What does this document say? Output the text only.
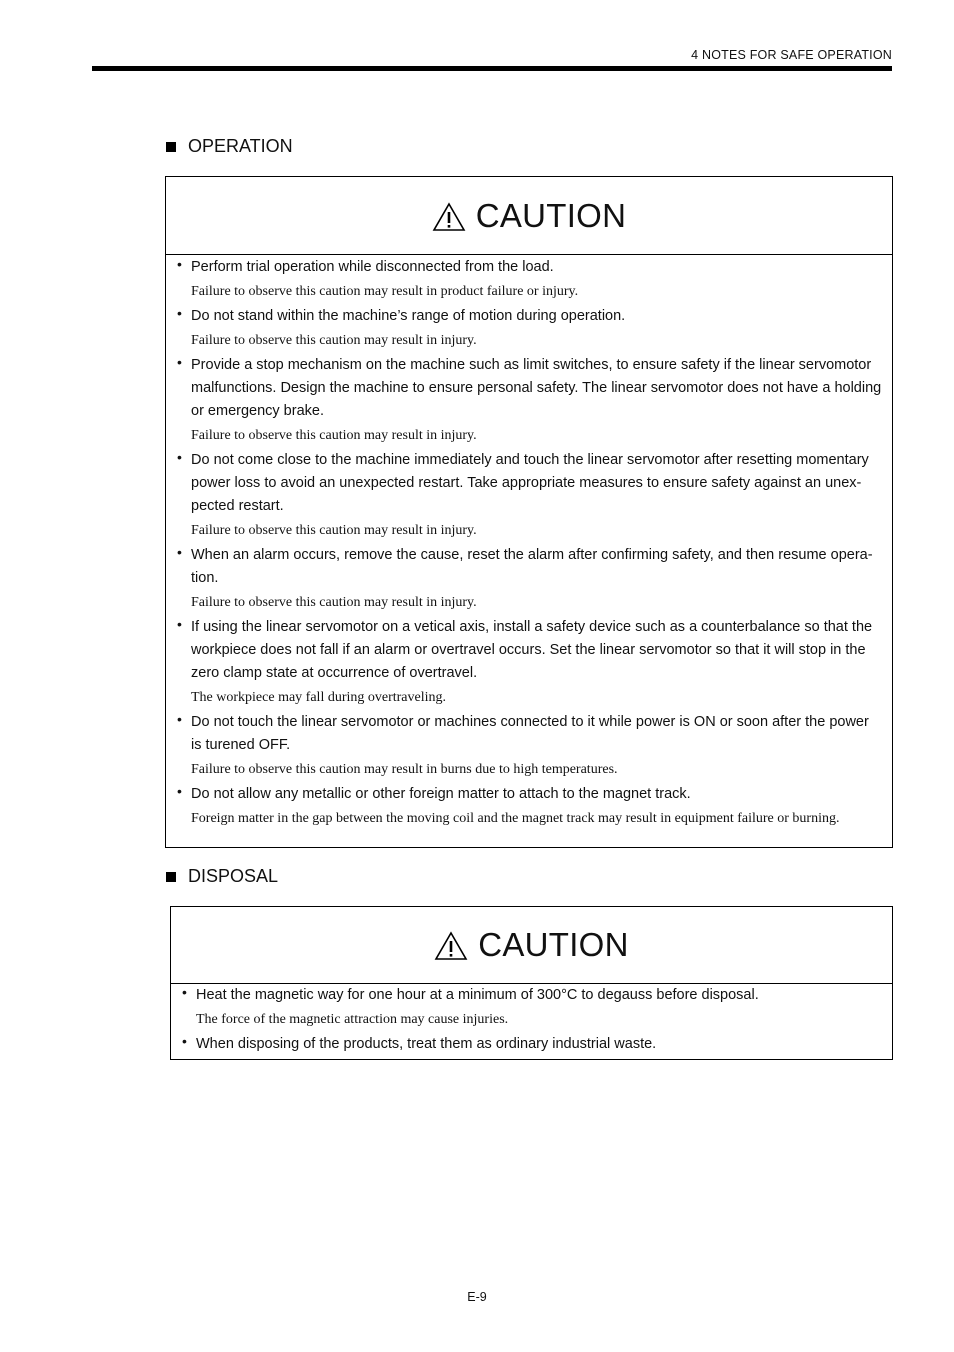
4 NOTES FOR SAFE OPERATION
OPERATION
CAUTION
• Perform trial operation while disconnected from the load.
Failure to observe this caution may result in product failure or injury.
• Do not stand within the machine’s range of motion during operation.
Failure to observe this caution may result in injury.
• Provide a stop mechanism on the machine such as limit switches, to ensure safety if the linear servomotor malfunctions. Design the machine to ensure personal safety. The linear servomotor does not have a holding or emergency brake.
Failure to observe this caution may result in injury.
• Do not come close to the machine immediately and touch the linear servomotor after resetting momentary power loss to avoid an unexpected restart. Take appropriate measures to ensure safety against an unex-pected restart.
Failure to observe this caution may result in injury.
• When an alarm occurs, remove the cause, reset the alarm after confirming safety, and then resume opera-tion.
Failure to observe this caution may result in injury.
• If using the linear servomotor on a vetical axis, install a safety device such as a counterbalance so that the workpiece does not fall if an alarm or overtravel occurs. Set the linear servomotor so that it will stop in the zero clamp state at occurrence of overtravel.
The workpiece may fall during overtraveling.
• Do not touch the linear servomotor or machines connected to it while power is ON or soon after the power is turened OFF.
Failure to observe this caution may result in burns due to high temperatures.
• Do not allow any metallic or other foreign matter to attach to the magnet track.
Foreign matter in the gap between the moving coil and the magnet track may result in equipment failure or burning.
DISPOSAL
CAUTION
• Heat the magnetic way for one hour at a minimum of 300°C to degauss before disposal.
The force of the magnetic attraction may cause injuries.
• When disposing of the products, treat them as ordinary industrial waste.
E-9
